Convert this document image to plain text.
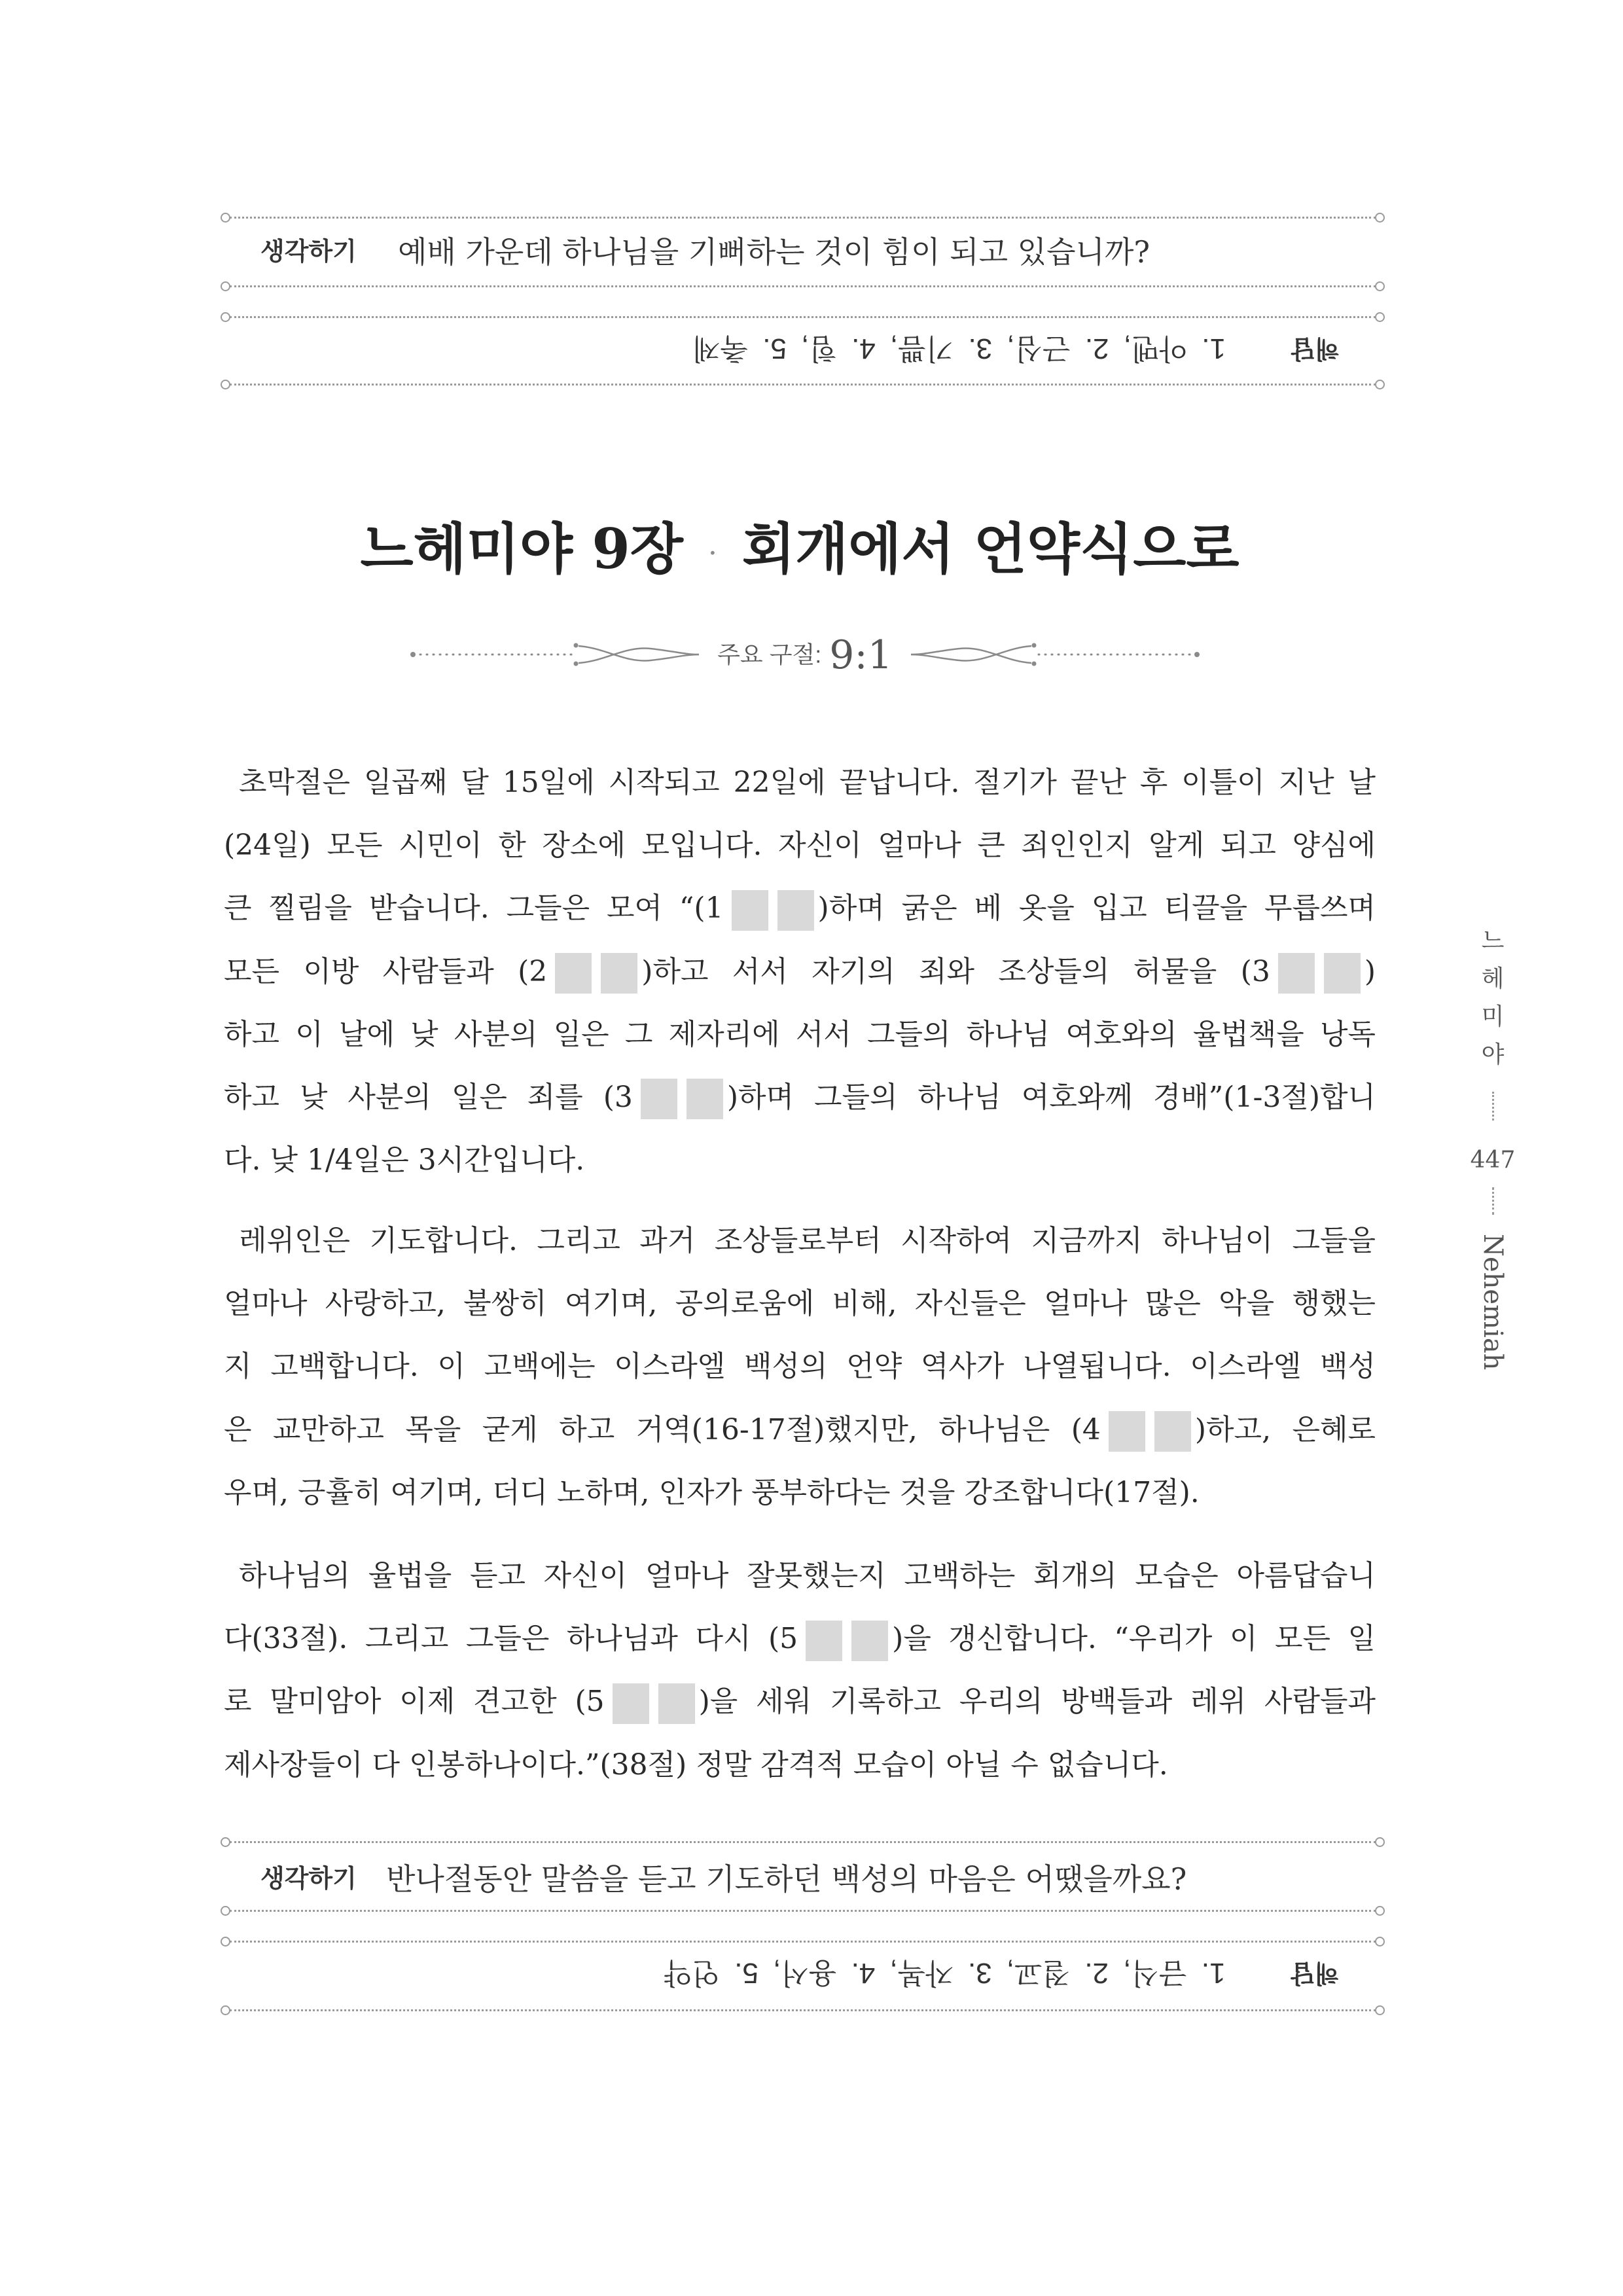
생각하기 예배 가운데 하나님을 기뻐하는 것이 힘이 되고 있습니까?
해답
1. 아멘, 2. 근심, 3. 기쁨, 4. 힘, 5. 축제
느헤미야 9장 · 회개에서 언약식으로
주요 구절: 9:1
초막절은 일곱째 달 15일에 시작되고 22일에 끝납니다. 절기가 끝난 후 이틀이 지난 날
(24일) 모든 시민이 한 장소에 모입니다. 자신이 얼마나 큰 죄인인지 알게 되고 양심에
큰 찔림을 받습니다. 그들은 모여 “(1	)하며 굵은 베 옷을 입고 티끌을 무릅쓰며
모든 이방 사람들과 (2	)하고 서서 자기의 죄와 조상들의 허물을 (3	)
하고 이 날에 낮 사분의 일은 그 제자리에 서서 그들의 하나님 여호와의 율법책을 낭독
하고 낮 사분의 일은 죄를 (3	)하며 그들의 하나님 여호와께 경배”(1-3절)합니
다. 낮 1/4일은 3시간입니다.
레위인은 기도합니다. 그리고 과거 조상들로부터 시작하여 지금까지 하나님이 그들을
얼마나 사랑하고, 불쌍히 여기며, 공의로움에 비해, 자신들은 얼마나 많은 악을 행했는
지 고백합니다. 이 고백에는 이스라엘 백성의 언약 역사가 나열됩니다. 이스라엘 백성
은 교만하고 목을 굳게 하고 거역(16-17절)했지만, 하나님은 (4	)하고, 은혜로
우며, 긍휼히 여기며, 더디 노하며, 인자가 풍부하다는 것을 강조합니다(17절).
하나님의 율법을 듣고 자신이 얼마나 잘못했는지 고백하는 회개의 모습은 아름답습니
다(33절). 그리고 그들은 하나님과 다시 (5	)을 갱신합니다. “우리가 이 모든 일
로 말미암아 이제 견고한 (5	)을 세워 기록하고 우리의 방백들과 레위 사람들과
제사장들이 다 인봉하나이다.”(38절) 정말 감격적 모습이 아닐 수 없습니다.
생각하기 반나절동안 말씀을 듣고 기도하던 백성의 마음은 어땠을까요?
해답
1. 금식, 2. 절교, 3. 자복, 4. 용서, 5. 언약
느
헤
미
야
447
Nehemiah
